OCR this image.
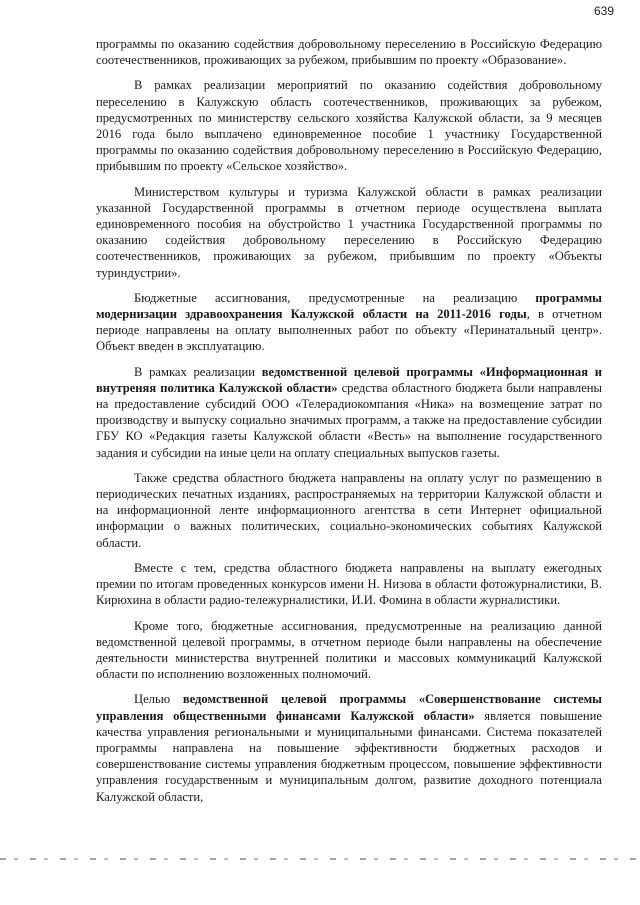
639

программы по оказанию содействия добровольному переселению в Российскую Федерацию соотечественников, проживающих за рубежом, прибывшим по проекту «Образование».

В рамках реализации мероприятий по оказанию содействия добровольному переселению в Калужскую область соотечественников, проживающих за рубежом, предусмотренных по министерству сельского хозяйства Калужской области, за 9 месяцев 2016 года было выплачено единовременное пособие 1 участнику Государственной программы по оказанию содействия добровольному переселению в Российскую Федерацию, прибывшим по проекту «Сельское хозяйство».

Министерством культуры и туризма Калужской области в рамках реализации указанной Государственной программы в отчетном периоде осуществлена выплата единовременного пособия на обустройство 1 участника Государственной программы по оказанию содействия добровольному переселению в Российскую Федерацию соотечественников, проживающих за рубежом, прибывшим по проекту «Объекты туриндустрии».

Бюджетные ассигнования, предусмотренные на реализацию программы модернизации здравоохранения Калужской области на 2011-2016 годы, в отчетном периоде направлены на оплату выполненных работ по объекту «Перинатальный центр». Объект введен в эксплуатацию.

В рамках реализации ведомственной целевой программы «Информационная и внутреняя политика Калужской области» средства областного бюджета были направлены на предоставление субсидий ООО «Телерадиокомпания «Ника» на возмещение затрат по производству и выпуску социально значимых программ, а также на предоставление субсидии ГБУ КО «Редакция газеты Калужской области «Весть» на выполнение государственного задания и субсидии на иные цели на оплату специальных выпусков газеты.

Также средства областного бюджета направлены на оплату услуг по размещению в периодических печатных изданиях, распространяемых на территории Калужской области и на информационной ленте информационного агентства в сети Интернет официальной информации о важных политических, социально-экономических событиях Калужской области.

Вместе с тем, средства областного бюджета направлены на выплату ежегодных премии по итогам проведенных конкурсов имени Н. Низова в области фотожурналистики, В. Кирюхина в области радио-тележурналистики, И.И. Фомина в области журналистики.

Кроме того, бюджетные ассигнования, предусмотренные на реализацию данной ведомственной целевой программы, в отчетном периоде были направлены на обеспечение деятельности министерства внутренней политики и массовых коммуникаций Калужской области по исполнению возложенных полномочий.

Целью ведомственной целевой программы «Совершенствование системы управления общественными финансами Калужской области» является повышение качества управления региональными и муниципальными финансами. Система показателей программы направлена на повышение эффективности бюджетных расходов и совершенствование системы управления бюджетным процессом, повышение эффективности управления государственным и муниципальным долгом, развитие доходного потенциала Калужской области,
